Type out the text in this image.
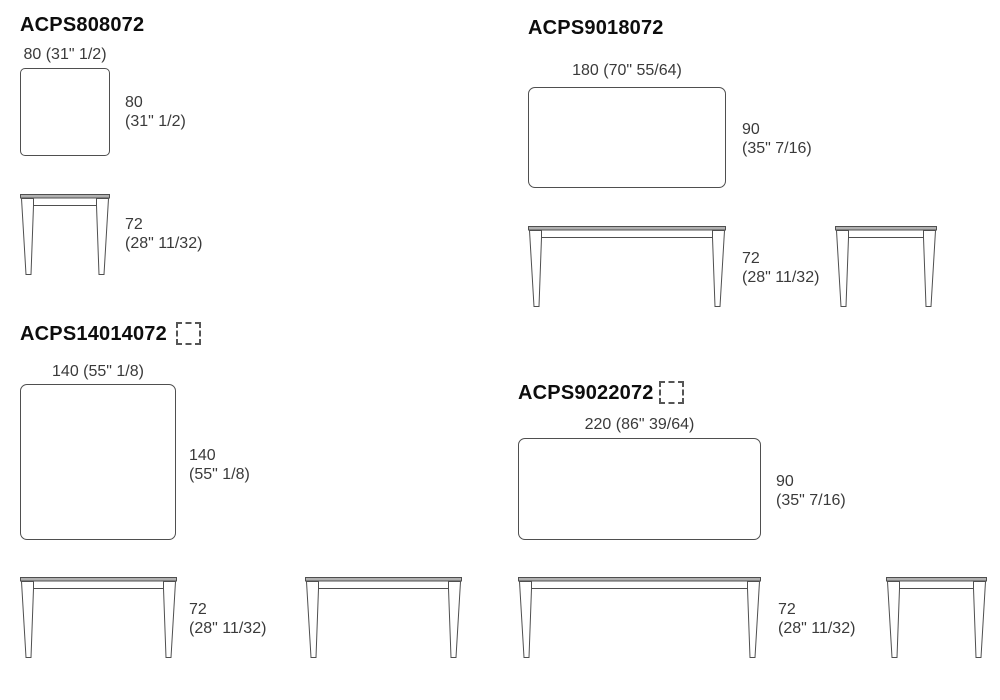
ACPS808072
80 (31" 1/2)
80
(31" 1/2)
72
(28" 11/32)
ACPS9018072
180 (70" 55/64)
90
(35" 7/16)
72
(28" 11/32)
ACPS14014072
140 (55" 1/8)
140
(55" 1/8)
72
(28" 11/32)
ACPS9022072
220 (86" 39/64)
90
(35" 7/16)
72
(28" 11/32)
